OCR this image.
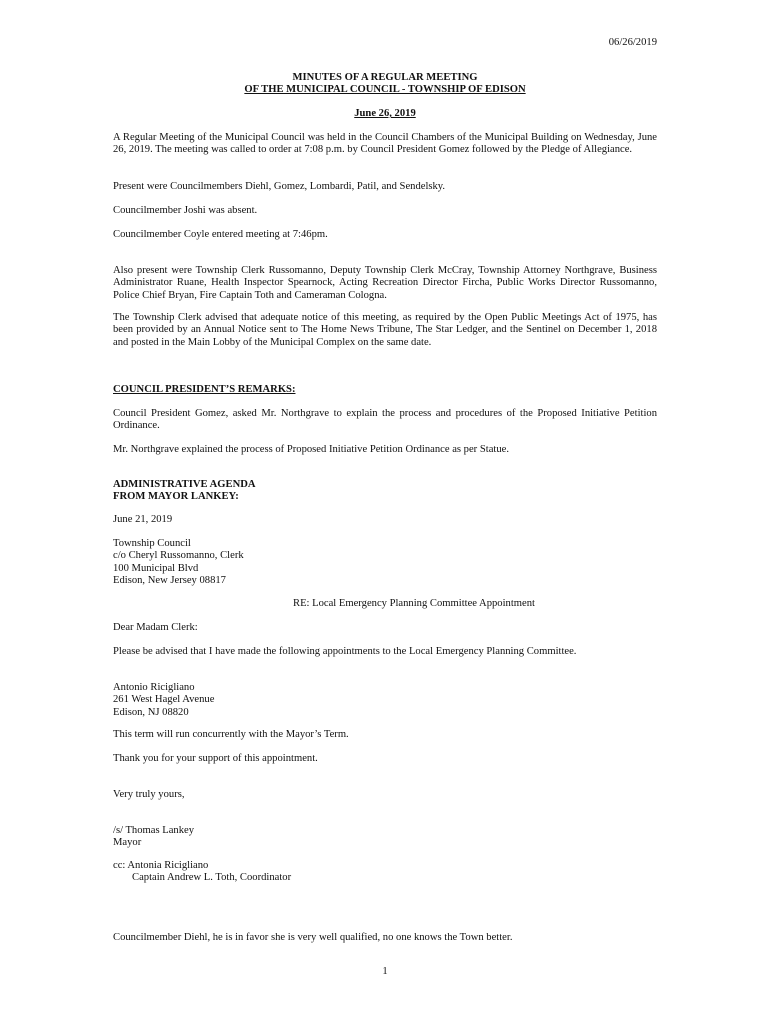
06/26/2019
MINUTES OF A REGULAR MEETING
OF THE MUNICIPAL COUNCIL - TOWNSHIP OF EDISON
June 26, 2019

A Regular Meeting of the Municipal Council was held in the Council Chambers of the Municipal Building on Wednesday, June 26, 2019. The meeting was called to order at 7:08 p.m. by Council President Gomez followed by the Pledge of Allegiance.

Present were Councilmembers Diehl, Gomez, Lombardi, Patil, and Sendelsky.

Councilmember Joshi was absent.

Councilmember Coyle entered meeting at 7:46pm.

Also present were Township Clerk Russomanno, Deputy Township Clerk McCray, Township Attorney Northgrave, Business Administrator Ruane, Health Inspector Spearnock, Acting Recreation Director Fircha, Public Works Director Russomanno, Police Chief Bryan, Fire Captain Toth and Cameraman Cologna.

The Township Clerk advised that adequate notice of this meeting, as required by the Open Public Meetings Act of 1975, has been provided by an Annual Notice sent to The Home News Tribune, The Star Ledger, and the Sentinel on December 1, 2018 and posted in the Main Lobby of the Municipal Complex on the same date.

COUNCIL PRESIDENT’S REMARKS:

Council President Gomez, asked Mr. Northgrave to explain the process and procedures of the Proposed Initiative Petition Ordinance.

Mr. Northgrave explained the process of Proposed Initiative Petition Ordinance as per Statue.

ADMINISTRATIVE AGENDA
FROM MAYOR LANKEY:

June 21, 2019

Township Council
c/o Cheryl Russomanno, Clerk
100 Municipal Blvd
Edison, New Jersey 08817
RE: Local Emergency Planning Committee Appointment

Dear Madam Clerk:

Please be advised that I have made the following appointments to the Local Emergency Planning Committee.

Antonio Ricigliano
261 West Hagel Avenue
Edison, NJ 08820

This term will run concurrently with the Mayor’s Term.

Thank you for your support of this appointment.

Very truly yours,

/s/ Thomas Lankey
Mayor
cc: Antonia Ricigliano
Captain Andrew L. Toth, Coordinator

Councilmember Diehl, he is in favor she is very well qualified, no one knows the Town better.

1
